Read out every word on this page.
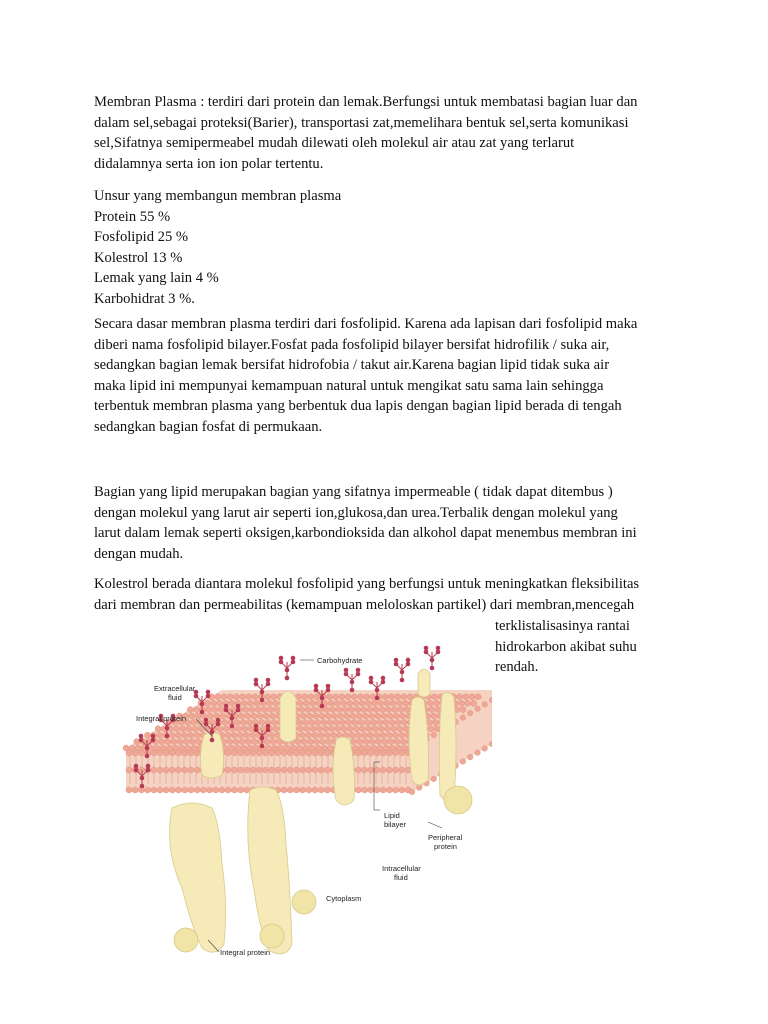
Membran Plasma : terdiri dari protein dan lemak.Berfungsi untuk membatasi bagian luar dan
dalam sel,sebagai proteksi(Barier), transportasi zat,memelihara bentuk sel,serta komunikasi
sel,Sifatnya semipermeabel mudah dilewati oleh molekul air atau zat yang terlarut
didalamnya serta ion ion polar tertentu.

Unsur yang membangun membran plasma
Protein 55 %
Fosfolipid 25 %
Kolestrol 13 %
Lemak yang lain 4 %
Karbohidrat 3 %.

Secara dasar membran plasma terdiri dari fosfolipid. Karena ada lapisan dari fosfolipid maka
diberi nama fosfolipid bilayer.Fosfat pada fosfolipid bilayer bersifat hidrofilik / suka air,
sedangkan bagian lemak bersifat hidrofobia / takut air.Karena bagian lipid tidak suka air
maka lipid ini mempunyai kemampuan natural untuk mengikat satu sama lain sehingga
terbentuk membran plasma yang berbentuk dua lapis dengan bagian lipid berada di tengah
sedangkan bagian fosfat di permukaan.

Bagian yang lipid merupakan bagian yang sifatnya impermeable ( tidak dapat ditembus )
dengan molekul yang larut air seperti ion,glukosa,dan urea.Terbalik dengan molekul yang
larut dalam lemak seperti oksigen,karbondioksida dan alkohol dapat menembus membran ini
dengan mudah.

Kolestrol berada diantara molekul fosfolipid yang berfungsi untuk meningkatkan fleksibilitas
dari membran dan permeabilitas (kemampuan meloloskan partikel) dari membran,mencegah

terklistalisasinya rantai
hidrokarbon akibat suhu
rendah.
Carbohydrate
Extracellular
fluid
Integral protein
Lipid
bilayer
Peripheral
protein
Intracellular
fluid
Cytoplasm
Integral protein
